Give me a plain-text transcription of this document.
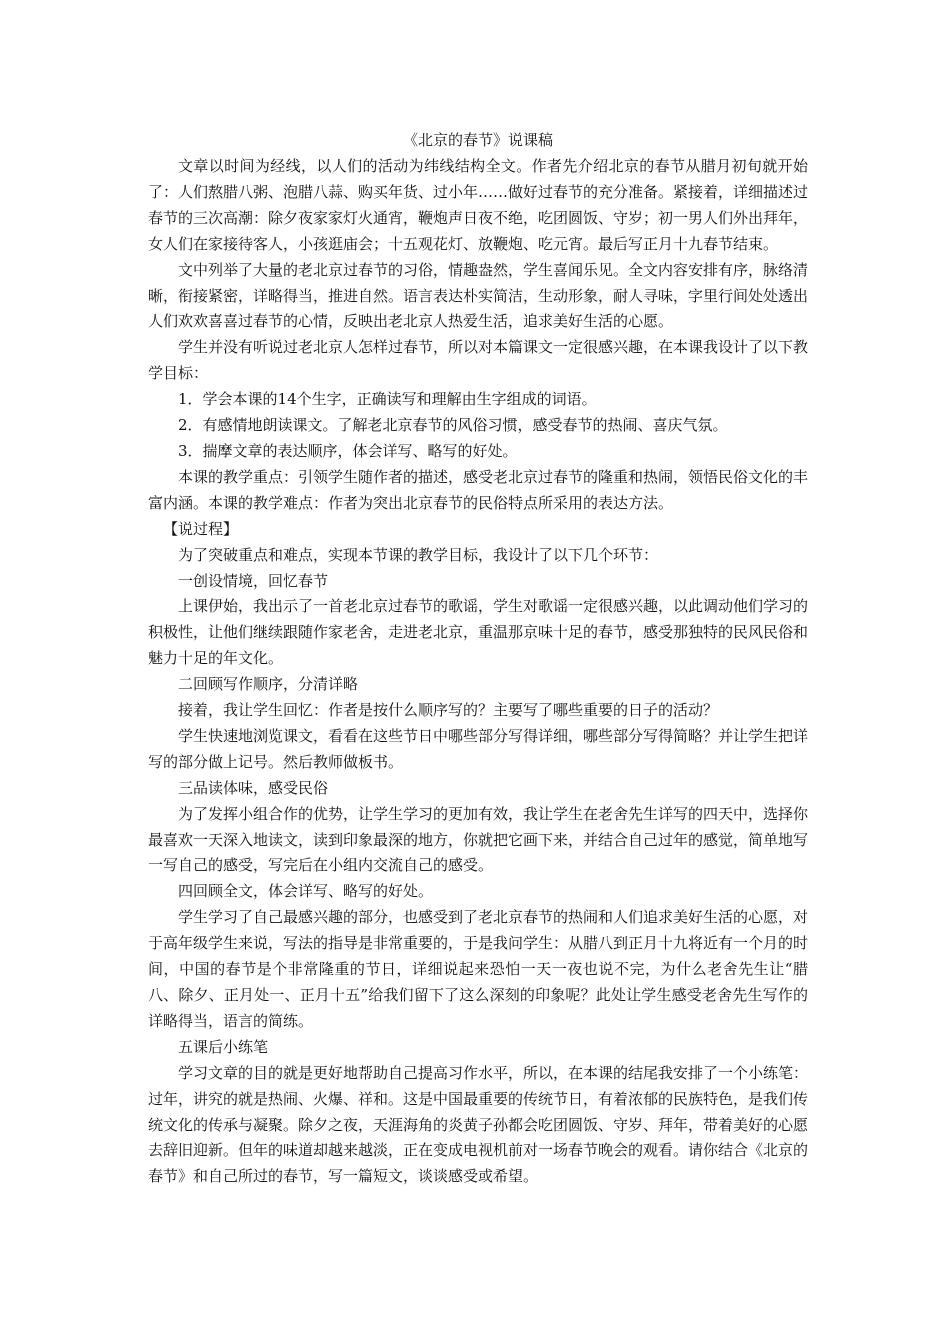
《北京的春节》说课稿

文章以时间为经线，以人们的活动为纬线结构全文。作者先介绍北京的春节从腊月初旬就开始了：人们熬腊八粥、泡腊八蒜、购买年货、过小年……做好过春节的充分准备。紧接着，详细描述过春节的三次高潮：除夕夜家家灯火通宵，鞭炮声日夜不绝，吃团圆饭、守岁；初一男人们外出拜年，女人们在家接待客人，小孩逛庙会；十五观花灯、放鞭炮、吃元宵。最后写正月十九春节结束。

文中列举了大量的老北京过春节的习俗，情趣盎然，学生喜闻乐见。全文内容安排有序，脉络清晰，衔接紧密，详略得当，推进自然。语言表达朴实简洁，生动形象，耐人寻味，字里行间处处透出人们欢欢喜喜过春节的心情，反映出老北京人热爱生活，追求美好生活的心愿。

学生并没有听说过老北京人怎样过春节，所以对本篇课文一定很感兴趣，在本课我设计了以下教学目标：

1．学会本课的14个生字，正确读写和理解由生字组成的词语。

2．有感情地朗读课文。了解老北京春节的风俗习惯，感受春节的热闹、喜庆气氛。

3．揣摩文章的表达顺序，体会详写、略写的好处。

本课的教学重点：引领学生随作者的描述，感受老北京过春节的隆重和热闹，领悟民俗文化的丰富内涵。本课的教学难点：作者为突出北京春节的民俗特点所采用的表达方法。

【说过程】

为了突破重点和难点，实现本节课的教学目标，我设计了以下几个环节：

一创设情境，回忆春节

上课伊始，我出示了一首老北京过春节的歌谣，学生对歌谣一定很感兴趣，以此调动他们学习的积极性，让他们继续跟随作家老舍，走进老北京，重温那京味十足的春节，感受那独特的民风民俗和魅力十足的年文化。

二回顾写作顺序，分清详略

接着，我让学生回忆：作者是按什么顺序写的？主要写了哪些重要的日子的活动？

学生快速地浏览课文，看看在这些节日中哪些部分写得详细，哪些部分写得简略？并让学生把详写的部分做上记号。然后教师做板书。

三品读体味，感受民俗

为了发挥小组合作的优势，让学生学习的更加有效，我让学生在老舍先生详写的四天中，选择你最喜欢一天深入地读文，读到印象最深的地方，你就把它画下来，并结合自己过年的感觉，简单地写一写自己的感受，写完后在小组内交流自己的感受。

四回顾全文，体会详写、略写的好处。

学生学习了自己最感兴趣的部分，也感受到了老北京春节的热闹和人们追求美好生活的心愿，对于高年级学生来说，写法的指导是非常重要的，于是我问学生：从腊八到正月十九将近有一个月的时间，中国的春节是个非常隆重的节日，详细说起来恐怕一天一夜也说不完，为什么老舍先生让“腊八、除夕、正月处一、正月十五”给我们留下了这么深刻的印象呢？此处让学生感受老舍先生写作的详略得当，语言的简练。

五课后小练笔

学习文章的目的就是更好地帮助自己提高习作水平，所以，在本课的结尾我安排了一个小练笔：过年，讲究的就是热闹、火爆、祥和。这是中国最重要的传统节日，有着浓郁的民族特色，是我们传统文化的传承与凝聚。除夕之夜，天涯海角的炎黄子孙都会吃团圆饭、守岁、拜年，带着美好的心愿去辞旧迎新。但年的味道却越来越淡，正在变成电视机前对一场春节晚会的观看。请你结合《北京的春节》和自己所过的春节，写一篇短文，谈谈感受或希望。
